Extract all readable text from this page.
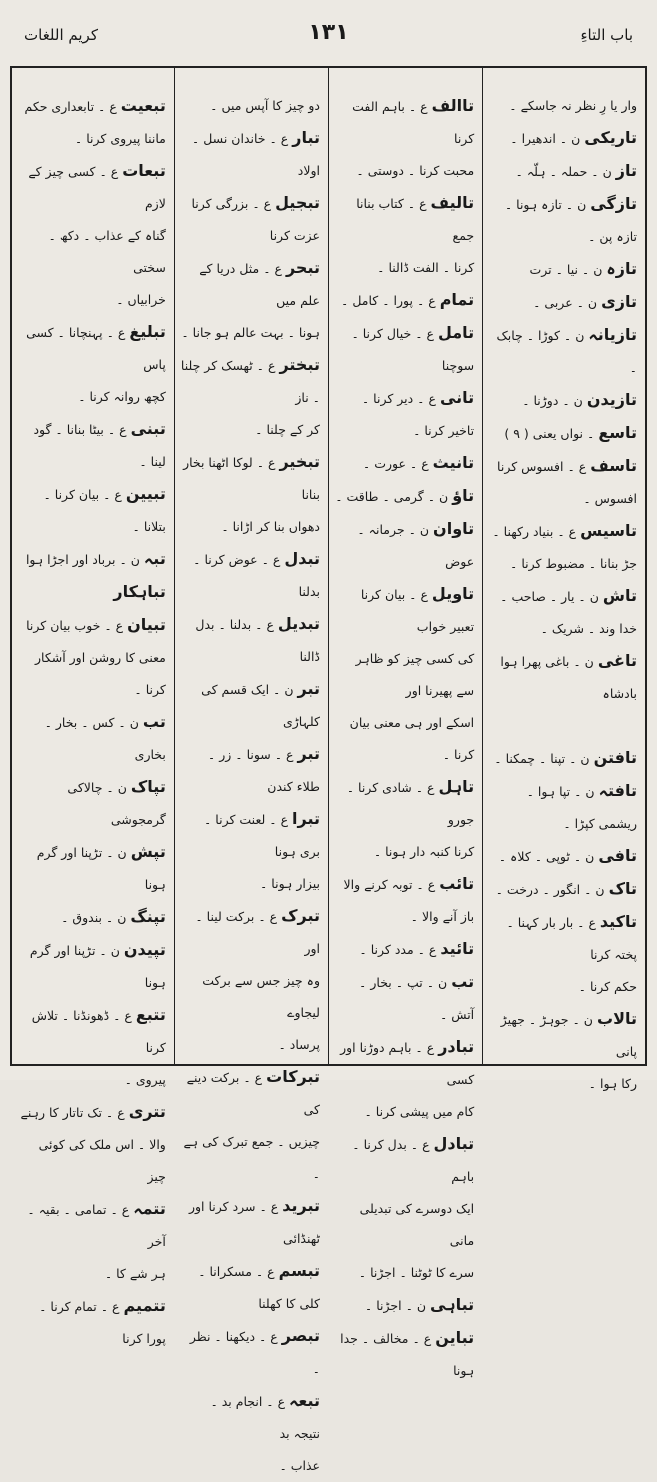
باب التاءِ
۱۳۱
کریم اللغات

وار یا رِ نظر نہ جاسکے ۔

تاریکی ن ۔ اندھیرا ۔

تاز ن ۔ حملہ ۔ ہلّہ ۔

تازگی ن ۔ تازہ ہونا ۔ تازہ پن ۔

تازہ ن ۔ نیا ۔ ترت

تازی ن ۔ عربی ۔

تازیانہ ن ۔ کوڑا ۔ چابک ۔

تازیدن ن ۔ دوڑنا ۔

تاسع ۔ نواں یعنی ( ۹ )

تاسف ع ۔ افسوس کرنا

افسوس ۔

تاسیس ع ۔ بنیاد رکھنا ۔

جڑ بنانا ۔ مضبوط کرنا ۔

تاش ن ۔ یار ۔ صاحب ۔

خدا وند ۔ شریک ۔

تاغی ن ۔ باغی پھرا ہوا بادشاہ

تافتن ن ۔ تپنا ۔ چمکنا ۔

تافتہ ن ۔ تپا ہوا ۔ ریشمی کپڑا ۔

تافی ن ۔ ٹوپی ۔ کلاہ ۔

تاک ن ۔ انگور ۔ درخت ۔

تاکید ع ۔ بار بار کہنا ۔ پختہ کرنا

حکم کرنا ۔

تالاب ن ۔ جوہڑ ۔ جھیڑ پانی

رکا ہوا ۔

تاالف ع ۔ باہم الفت کرنا

محبت کرنا ۔ دوستی ۔

تالیف ع ۔ کتاب بنانا جمع

کرنا ۔ الفت ڈالنا ۔

تمام ع ۔ پورا ۔ کامل ۔

تامل ع ۔ خیال کرنا ۔ سوچنا

تانی ع ۔ دیر کرنا ۔ تاخیر کرنا ۔

تانیث ع ۔ عورت ۔

تاؤ ن ۔ گرمی ۔ طاقت ۔

تاوان ن ۔ جرمانہ ۔ عوض

تاویل ع ۔ بیان کرنا تعبیر خواب

کی کسی چیز کو ظاہر سے پھیرنا اور

اسکے اور ہی معنی بیان کرنا ۔

تاہل ع ۔ شادی کرنا ۔ جورو

کرنا کنبہ دار ہونا ۔

تائب ع ۔ توبہ کرنے والا

باز آنے والا ۔

تائید ع ۔ مدد کرنا ۔

تب ن ۔ تپ ۔ بخار ۔ آتش ۔

تبادر ع ۔ باہم دوڑنا اور کسی

کام میں پیشی کرنا ۔

تبادل ع ۔ بدل کرنا ۔ باہم

ایک دوسرے کی تبدیلی مانی

سرے کا ٹوٹنا ۔ اجڑنا ۔

تباہی ن ۔ اجڑنا ۔

تباین ع ۔ مخالف ۔ جدا ہونا

دو چیز کا آپس میں ۔

تبار ع ۔ خاندان نسل ۔ اولاد

تبجیل ع ۔ بزرگی کرنا عزت کرنا

تبحر ع ۔ مثل دریا کے علم میں

ہونا ۔ بہت عالم ہو جانا ۔

تبختر ع ۔ ٹھسک کر چلنا ۔ ناز

کر کے چلنا ۔

تبخیر ع ۔ لوکا اٹھنا بخار بنانا

دھواں بنا کر اڑانا ۔

تبدل ع ۔ عوض کرنا ۔ بدلنا

تبدیل ع ۔ بدلنا ۔ بدل ڈالنا

تبر ن ۔ ایک قسم کی کلہاڑی

تبر ع ۔ سونا ۔ زر ۔ طلاء کندن

تبرا ع ۔ لعنت کرنا ۔ بری ہونا

بیزار ہونا ۔

تبرک ع ۔ برکت لینا ۔ اور

وہ چیز جس سے برکت لیجاوے

پرساد ۔

تبرکات ع ۔ برکت دینے کی

چیزیں ۔ جمع تبرک کی ہے ۔

تبرید ع ۔ سرد کرنا اور ٹھنڈائی

تبسم ع ۔ مسکرانا ۔ کلی کا کھلنا

تبصر ع ۔ دیکھنا ۔ نظر ۔

تبعہ ع ۔ انجام بد ۔ نتیجہ بد

عذاب ۔

تبعیت ع ۔ تابعداری حکم

ماننا پیروی کرنا ۔

تبعات ع ۔ کسی چیز کے لازم

گناہ کے عذاب ۔ دکھ ۔ سختی

خرابیاں ۔

تبلیغ ع ۔ پہنچانا ۔ کسی پاس

کچھ روانہ کرنا ۔

تبنی ع ۔ بیٹا بنانا ۔ گود لینا ۔

تبیین ع ۔ بیان کرنا ۔ بتلانا ۔

تبہ ن ۔ برباد اور اجڑا ہوا

تباہکار

تبیان ع ۔ خوب بیان کرنا

معنی کا روشن اور آشکار کرنا ۔

تب ن ۔ کس ۔ بخار ۔ بخاری

تپاک ن ۔ چالاکی گرمجوشی

تپش ن ۔ تڑپنا اور گرم ہونا

تپنگ ن ۔ بندوق ۔

تپیدن ن ۔ تڑپنا اور گرم ہونا

تتبع ع ۔ ڈھونڈنا ۔ تلاش کرنا

پیروی ۔

تتری ع ۔ تک تاتار کا رہنے

والا ۔ اس ملک کی کوئی چیز

تتمہ ع ۔ تمامی ۔ بقیہ ۔ آخر

ہر شے کا ۔

تتمیم ع ۔ تمام کرنا ۔ پورا کرنا
